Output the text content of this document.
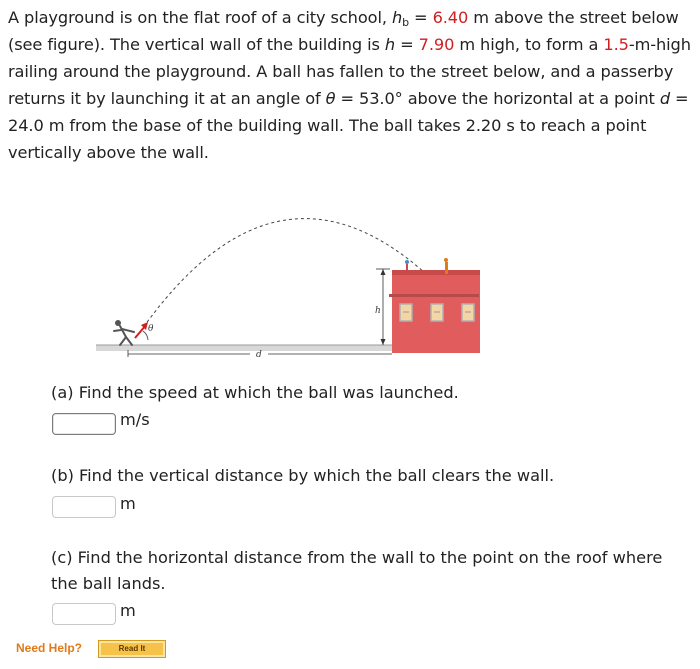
A playground is on the flat roof of a city school, $h_b = 6.40$ m above the street below (see figure). The vertical wall of the building is h = 7.90 m high, to form a 1.5-m-high railing around the playground. A ball has fallen to the street below, and a passerby returns it by launching it at an angle of θ = 53.0° above the horizontal at a point d = 24.0 m from the base of the building wall. The ball takes 2.20 s to reach a point vertically above the wall.
θ
d
h
(a) Find the speed at which the ball was launched.
m/s
(b) Find the vertical distance by which the ball clears the wall.
m
(c) Find the horizontal distance from the wall to the point on the roof where the ball lands.
m
Need Help?	Read It
